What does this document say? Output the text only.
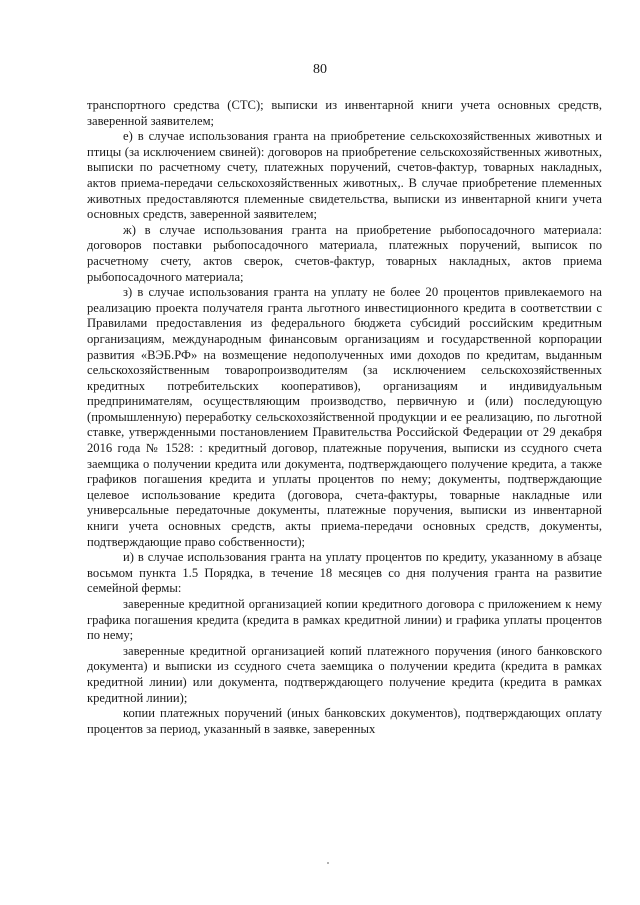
80

транспортного средства (СТС); выписки из инвентарной книги учета основных средств, заверенной заявителем;

е) в случае использования гранта на приобретение сельскохозяйственных животных и птицы (за исключением свиней): договоров на приобретение сельскохозяйственных животных, выписки по расчетному счету, платежных поручений, счетов-фактур, товарных накладных, актов приема-передачи сельскохозяйственных животных,. В случае приобретение племенных животных предоставляются племенные свидетельства, выписки из инвентарной книги учета основных средств, заверенной заявителем;

ж) в случае использования гранта на приобретение рыбопосадочного материала: договоров поставки рыбопосадочного материала, платежных поручений, выписок по расчетному счету, актов сверок, счетов-фактур, товарных накладных, актов приема рыбопосадочного материала;

з) в случае использования гранта на уплату не более 20 процентов привлекаемого на реализацию проекта получателя гранта льготного инвестиционного кредита в соответствии с Правилами предоставления из федерального бюджета субсидий российским кредитным организациям, международным финансовым организациям и государственной корпорации развития «ВЭБ.РФ» на возмещение недополученных ими доходов по кредитам, выданным сельскохозяйственным товаропроизводителям (за исключением сельскохозяйственных кредитных потребительских кооперативов), организациям и индивидуальным предпринимателям, осуществляющим производство, первичную и (или) последующую (промышленную) переработку сельскохозяйственной продукции и ее реализацию, по льготной ставке, утвержденными постановлением Правительства Российской Федерации от 29 декабря 2016 года № 1528: : кредитный договор, платежные поручения, выписки из ссудного счета заемщика о получении кредита или документа, подтверждающего получение кредита, а также графиков погашения кредита и уплаты процентов по нему; документы, подтверждающие целевое использование кредита (договора, счета-фактуры, товарные накладные или универсальные передаточные документы, платежные поручения, выписки из инвентарной книги учета основных средств, акты приема-передачи основных средств, документы, подтверждающие право собственности);

и) в случае использования гранта на уплату процентов по кредиту, указанному в абзаце восьмом пункта 1.5 Порядка, в течение 18 месяцев со дня получения гранта на развитие семейной фермы:

заверенные кредитной организацией копии кредитного договора с приложением к нему графика погашения кредита (кредита в рамках кредитной линии) и графика уплаты процентов по нему;

заверенные кредитной организацией копий платежного поручения (иного банковского документа) и выписки из ссудного счета заемщика о получении кредита (кредита в рамках кредитной линии) или документа, подтверждающего получение кредита (кредита в рамках кредитной линии);

копии платежных поручений (иных банковских документов), подтверждающих оплату процентов за период, указанный в заявке, заверенных
